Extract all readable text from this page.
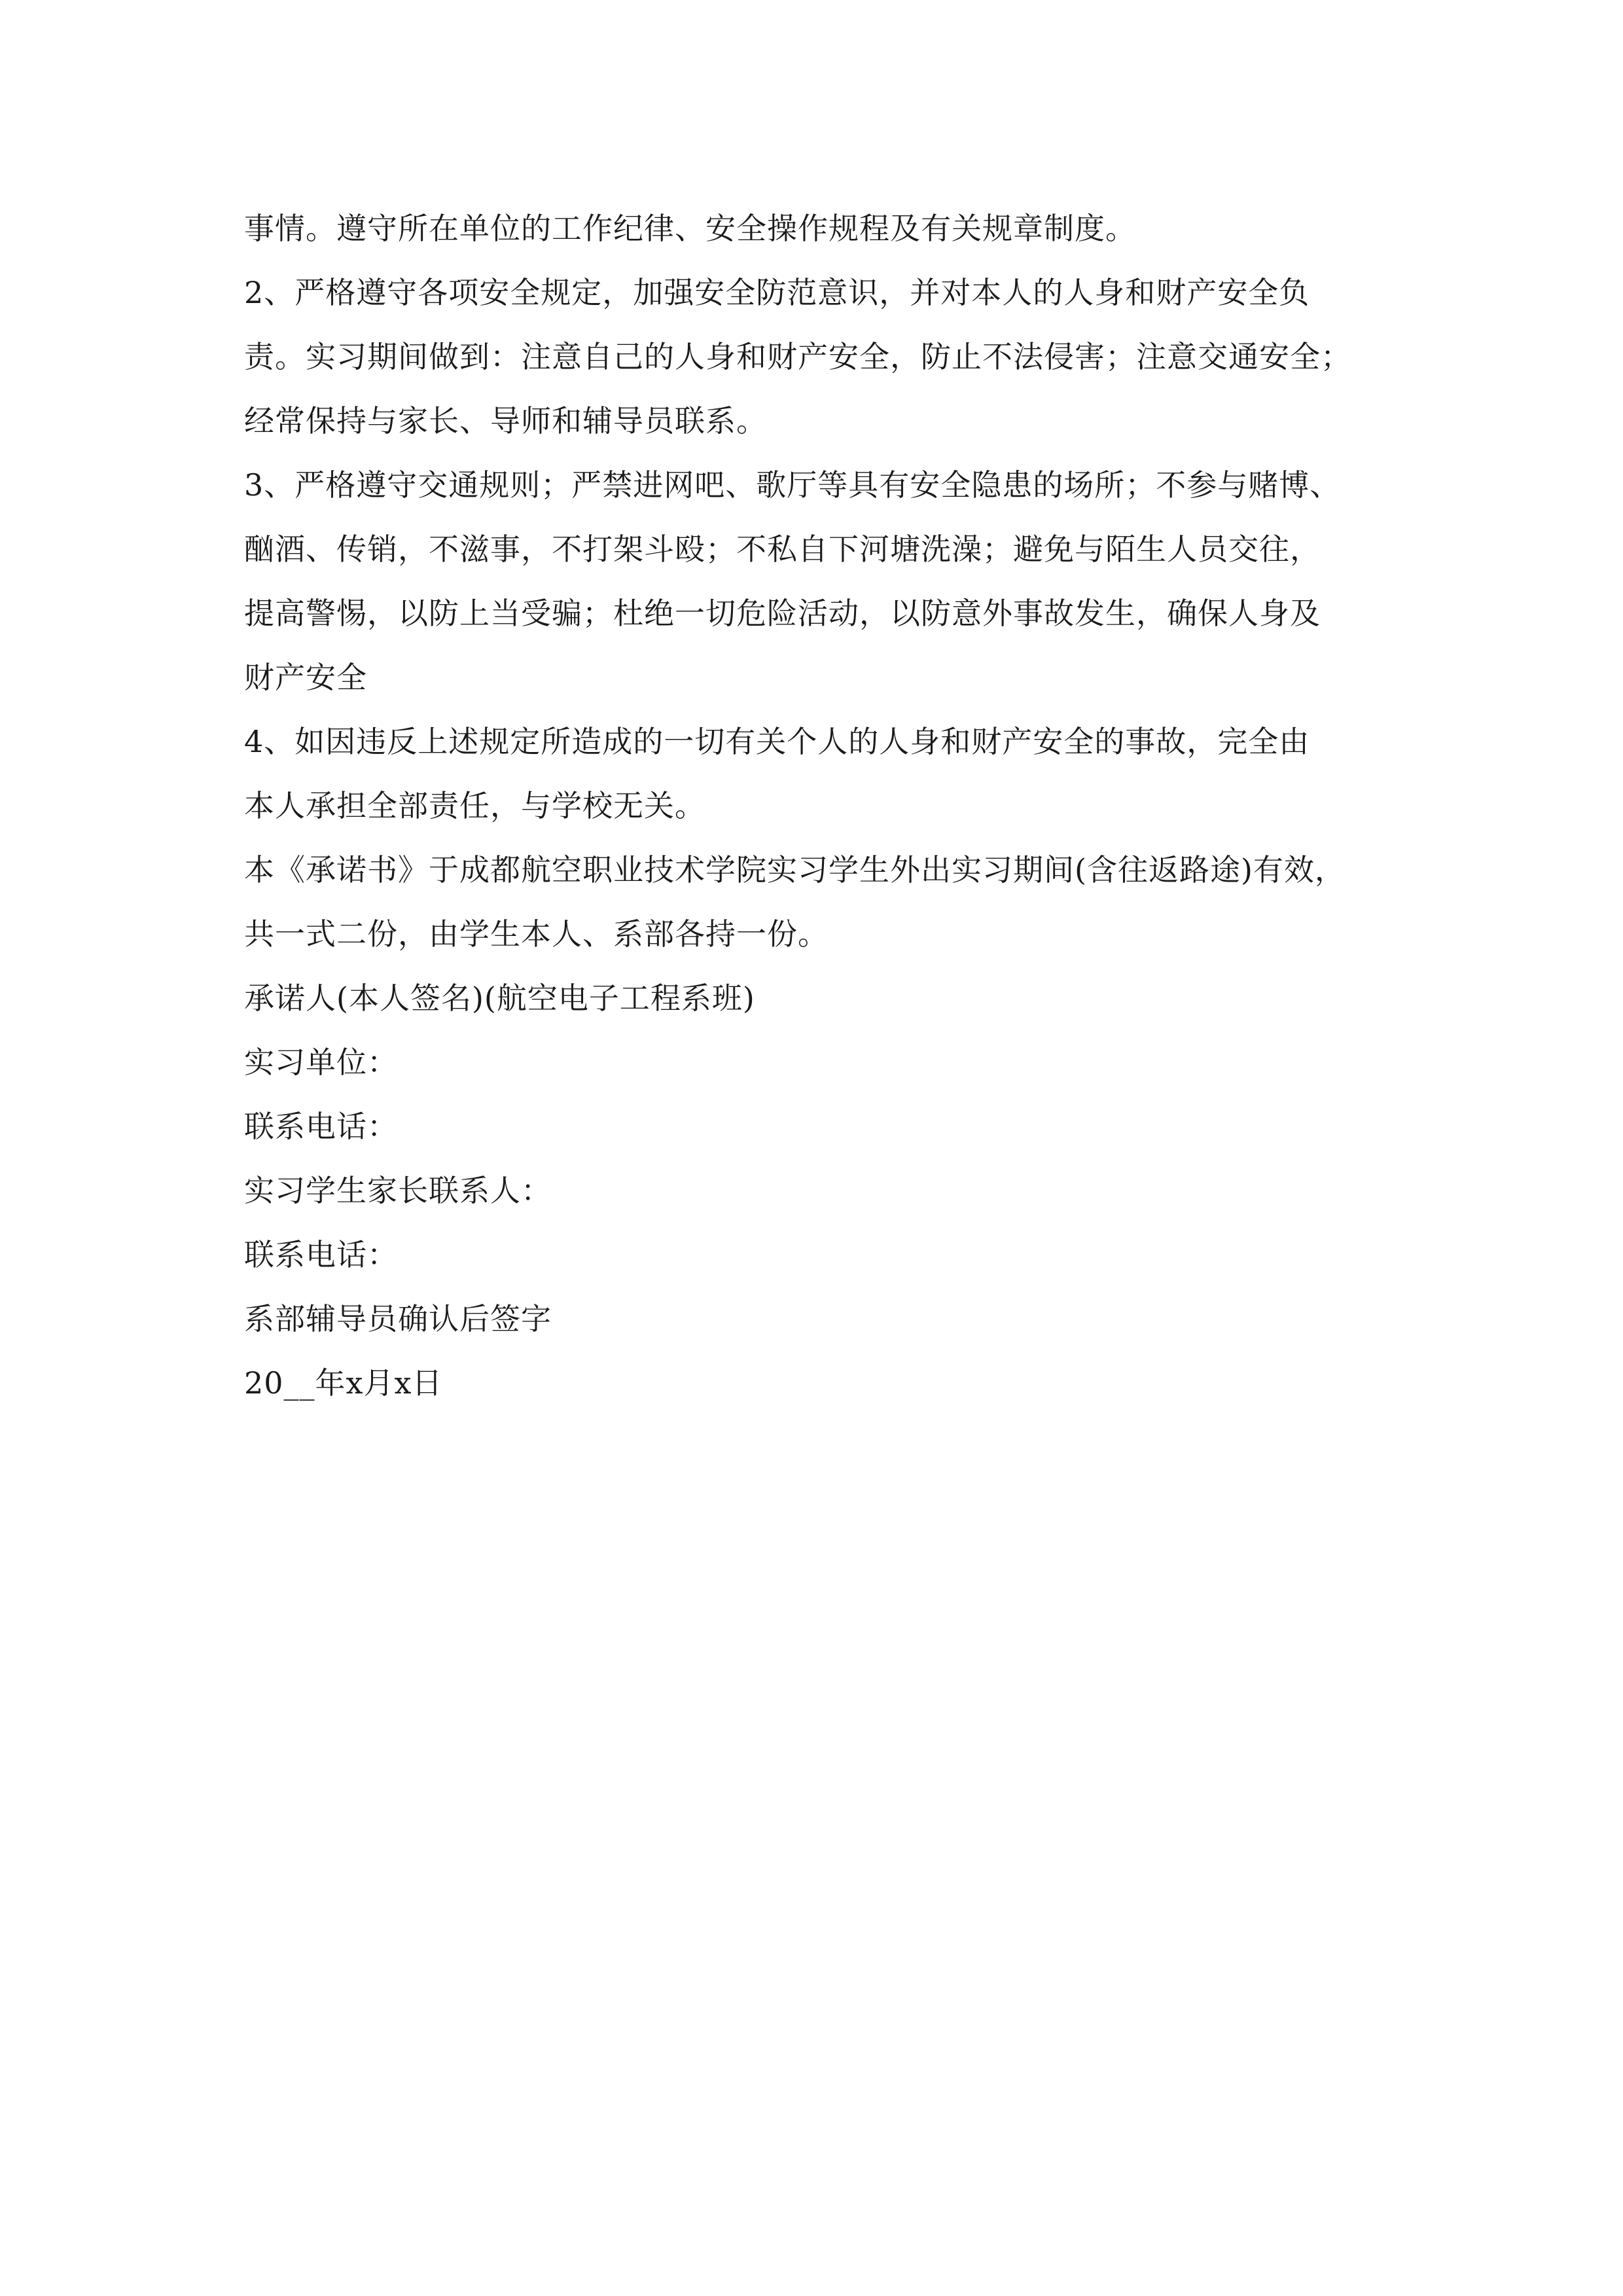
事情。遵守所在单位的工作纪律、安全操作规程及有关规章制度。
2、严格遵守各项安全规定，加强安全防范意识，并对本人的人身和财产安全负
责。实习期间做到：注意自己的人身和财产安全，防止不法侵害；注意交通安全；
经常保持与家长、导师和辅导员联系。
3、严格遵守交通规则；严禁进网吧、歌厅等具有安全隐患的场所；不参与赌博、
酗酒、传销，不滋事，不打架斗殴；不私自下河塘洗澡；避免与陌生人员交往，
提高警惕，以防上当受骗；杜绝一切危险活动，以防意外事故发生，确保人身及
财产安全
4、如因违反上述规定所造成的一切有关个人的人身和财产安全的事故，完全由
本人承担全部责任，与学校无关。
本《承诺书》于成都航空职业技术学院实习学生外出实习期间(含往返路途)有效，
共一式二份，由学生本人、系部各持一份。
承诺人(本人签名)(航空电子工程系班)
实习单位：
联系电话：
实习学生家长联系人：
联系电话：
系部辅导员确认后签字
20__年x月x日
